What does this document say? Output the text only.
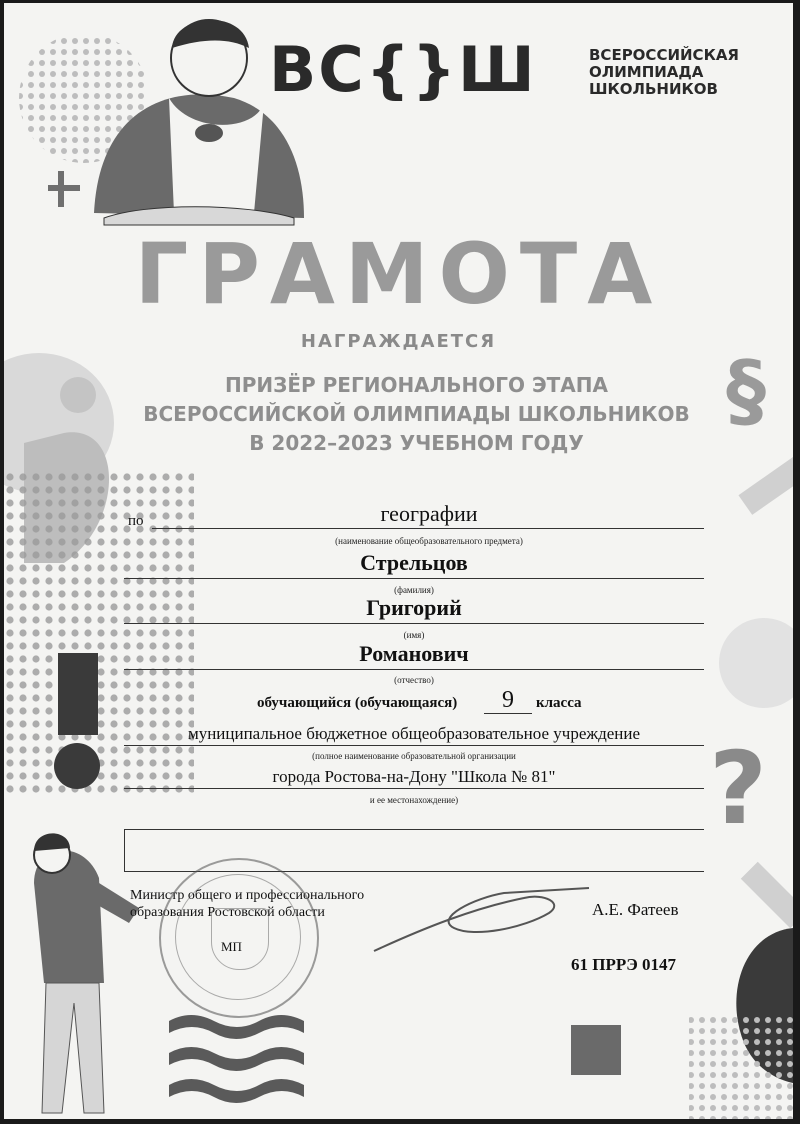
§
?
ВС{}Ш	ВСЕРОССИЙСКАЯ
ОЛИМПИАДА
ШКОЛЬНИКОВ
ГРАМОТА
НАГРАЖДАЕТСЯ
ПРИЗЁР РЕГИОНАЛЬНОГО ЭТАПА
ВСЕРОССИЙСКОЙ ОЛИМПИАДЫ ШКОЛЬНИКОВ
В 2022–2023 УЧЕБНОМ ГОДУ
по	географии
(наименование общеобразовательного предмета)
Стрельцов
(фамилия)
Григорий
(имя)
Романович
(отчество)
обучающийся (обучающаяся)	9	класса
муниципальное бюджетное общеобразовательное учреждение
(полное наименование образовательной организации
города Ростова-на-Дону "Школа № 81"
и ее местонахождение)
Министр общего и профессионального
образования Ростовской области
МП
А.Е. Фатеев
61 ПРРЭ 0147
